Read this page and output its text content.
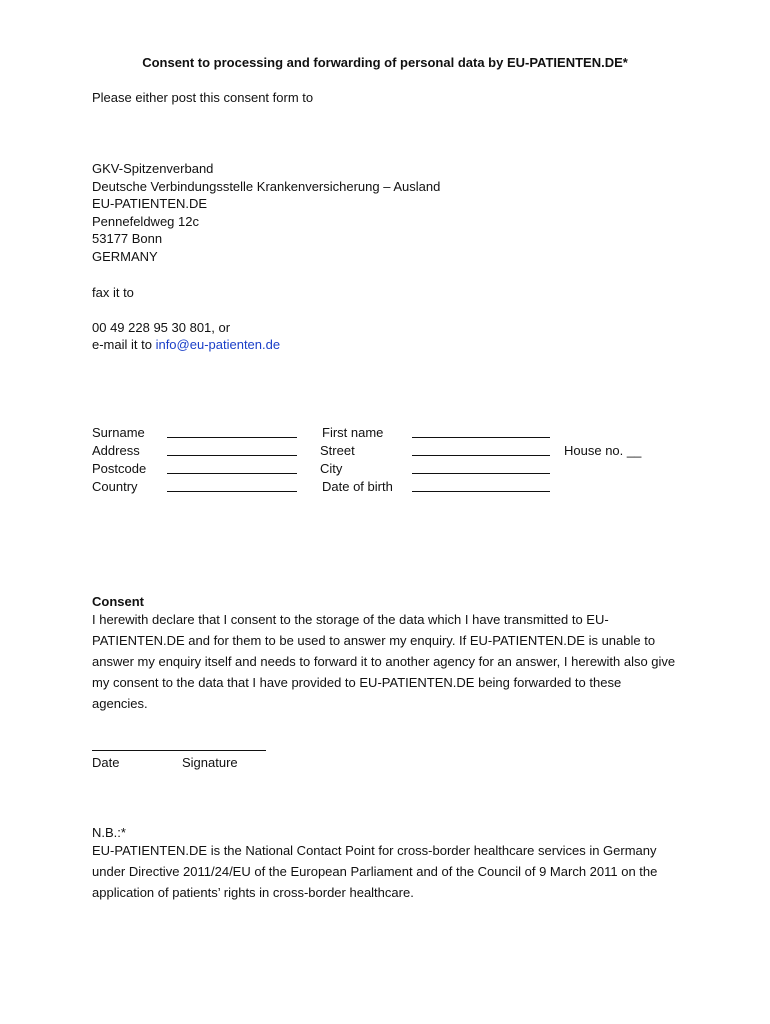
Consent to processing and forwarding of personal data by EU-PATIENTEN.DE*
Please either post this consent form to
GKV-Spitzenverband
Deutsche Verbindungsstelle Krankenversicherung – Ausland
EU-PATIENTEN.DE
Pennefeldweg 12c
53177 Bonn
GERMANY
fax it to
00 49 228 95 30 801, or
e-mail it to info@eu-patienten.de
Surname	First name
Address	Street	House no. __
Postcode	City
Country	Date of birth
Consent
I herewith declare that I consent to the storage of the data which I have transmitted to EU-
PATIENTEN.DE and for them to be used to answer my enquiry. If EU-PATIENTEN.DE is unable to
answer my enquiry itself and needs to forward it to another agency for an answer, I herewith also give
my consent to the data that I have provided to EU-PATIENTEN.DE being forwarded to these
agencies.
Date	Signature
N.B.:*
EU-PATIENTEN.DE is the National Contact Point for cross-border healthcare services in Germany
under Directive 2011/24/EU of the European Parliament and of the Council of 9 March 2011 on the
application of patients’ rights in cross-border healthcare.
